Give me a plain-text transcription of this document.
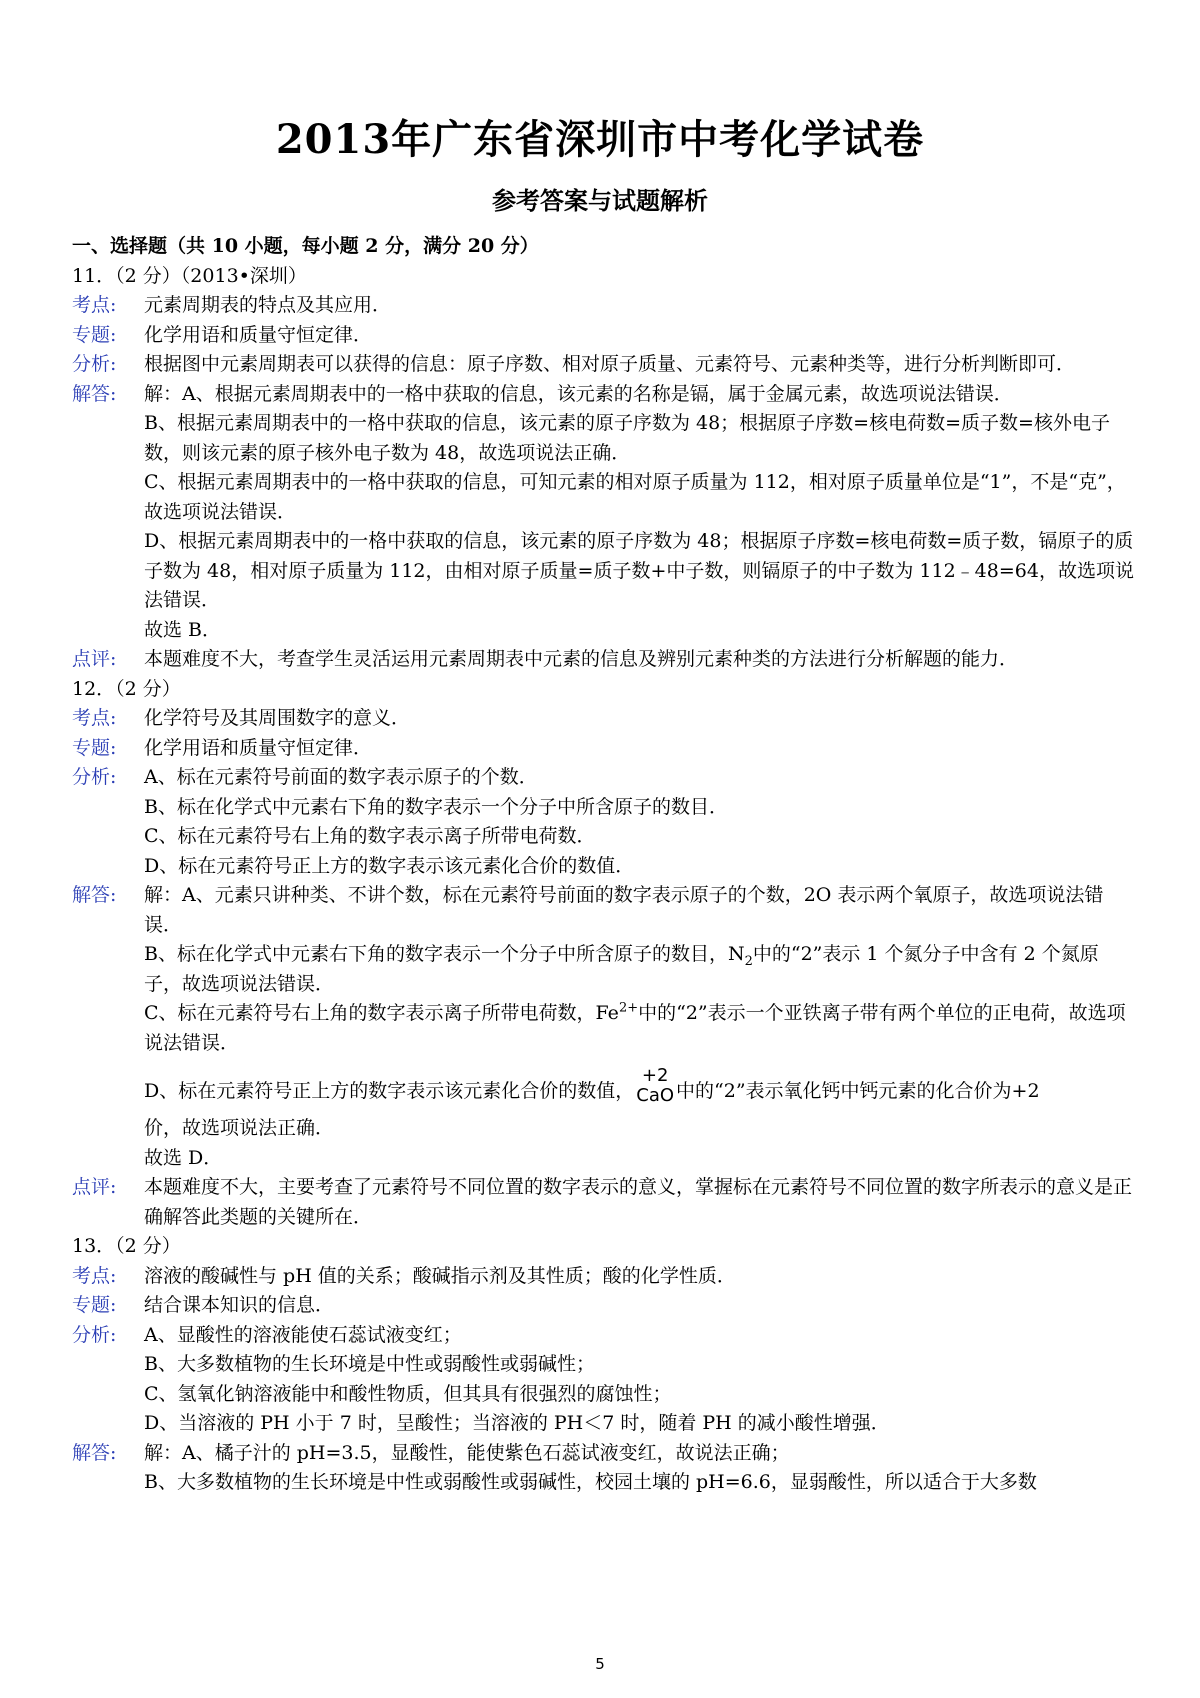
2013年广东省深圳市中考化学试卷
参考答案与试题解析
一、选择题（共 10 小题，每小题 2 分，满分 20 分）
11．（2 分）（2013•深圳）
考点:	元素周期表的特点及其应用．
专题:	化学用语和质量守恒定律．
分析:	根据图中元素周期表可以获得的信息：原子序数、相对原子质量、元素符号、元素种类等，进行分析判断即可．
解答:	解：A、根据元素周期表中的一格中获取的信息，该元素的名称是镉，属于金属元素，故选项说法错误．

B、根据元素周期表中的一格中获取的信息，该元素的原子序数为 48；根据原子序数=核电荷数=质子数=核外电子数，则该元素的原子核外电子数为 48，故选项说法正确．

C、根据元素周期表中的一格中获取的信息，可知元素的相对原子质量为 112，相对原子质量单位是“1”，不是“克”，故选项说法错误．

D、根据元素周期表中的一格中获取的信息，该元素的原子序数为 48；根据原子序数=核电荷数=质子数，镉原子的质子数为 48，相对原子质量为 112，由相对原子质量=质子数+中子数，则镉原子的中子数为 112﹣48=64，故选项说法错误．

故选 B．

点评:	本题难度不大，考查学生灵活运用元素周期表中元素的信息及辨别元素种类的方法进行分析解题的能力．
12．（2 分）
考点:	化学符号及其周围数字的意义．
专题:	化学用语和质量守恒定律．
分析:	A、标在元素符号前面的数字表示原子的个数．

B、标在化学式中元素右下角的数字表示一个分子中所含原子的数目．

C、标在元素符号右上角的数字表示离子所带电荷数．

D、标在元素符号正上方的数字表示该元素化合价的数值．

解答:	解：A、元素只讲种类、不讲个数，标在元素符号前面的数字表示原子的个数，2O 表示两个氧原子，故选项说法错误．

B、标在化学式中元素右下角的数字表示一个分子中所含原子的数目，$N_2$中的“2”表示 1 个氮分子中含有 2 个氮原子，故选项说法错误．

C、标在元素符号右上角的数字表示离子所带电荷数，$Fe^{2+}$中的“2”表示一个亚铁离子带有两个单位的正电荷，故选项说法错误．

D、标在元素符号正上方的数字表示该元素化合价的数值，
+2
CaO 中的“2”表示氧化钙中钙元素的化合价为+2

价，故选项说法正确．

故选 D．

点评:	本题难度不大，主要考查了元素符号不同位置的数字表示的意义，掌握标在元素符号不同位置的数字所表示的意义是正确解答此类题的关键所在．
13．（2 分）
考点:	溶液的酸碱性与 pH 值的关系；酸碱指示剂及其性质；酸的化学性质．
专题:	结合课本知识的信息．
分析:	A、显酸性的溶液能使石蕊试液变红；

B、大多数植物的生长环境是中性或弱酸性或弱碱性；

C、氢氧化钠溶液能中和酸性物质，但其具有很强烈的腐蚀性；

D、当溶液的 PH 小于 7 时，呈酸性；当溶液的 PH＜7 时，随着 PH 的减小酸性增强．

解答:	解：A、橘子汁的 pH=3.5，显酸性，能使紫色石蕊试液变红，故说法正确；

B、大多数植物的生长环境是中性或弱酸性或弱碱性，校园土壤的 pH=6.6，显弱酸性，所以适合于大多数

5
